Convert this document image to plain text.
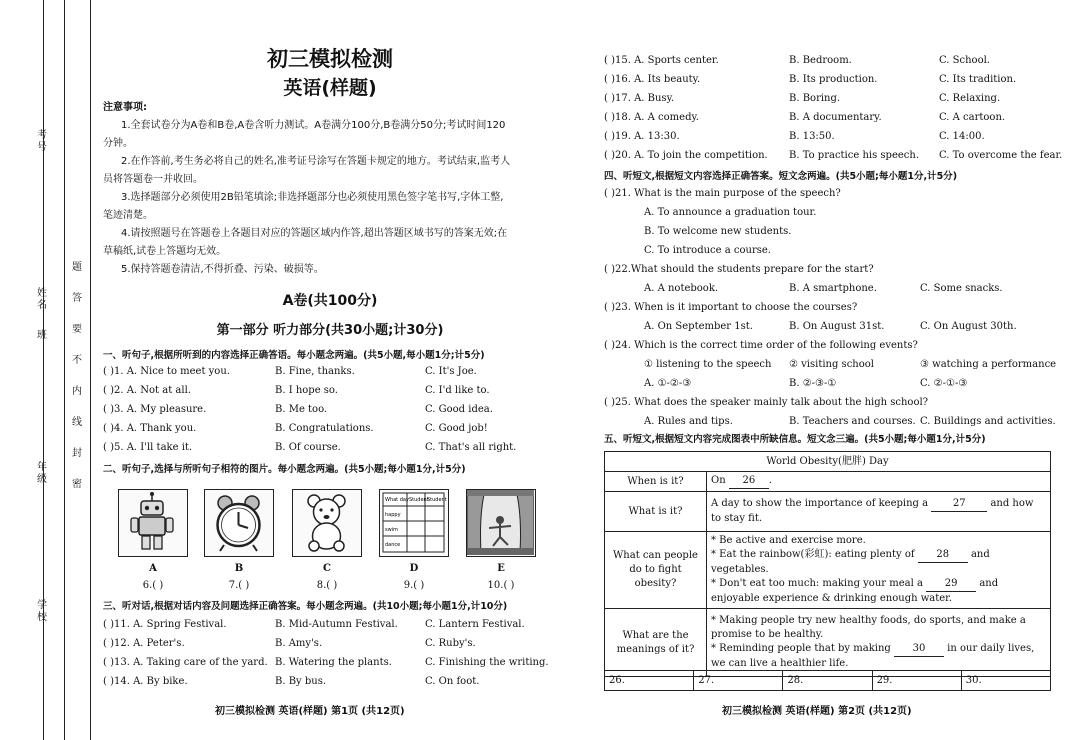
考号
姓名
班
年级
学校
题
答
要
不
内
线
封
密
初三模拟检测
英语(样题)
注意事项:
1.全套试卷分为A卷和B卷,A卷含听力测试。A卷满分100分,B卷满分50分;考试时间120
分钟。
2.在作答前,考生务必将自己的姓名,准考证号涂写在答题卡规定的地方。考试结束,监考人
员将答题卷一并收回。
3.选择题部分必须使用2B铅笔填涂;非选择题部分也必须使用黑色签字笔书写,字体工整,
笔迹清楚。
4.请按照题号在答题卷上各题目对应的答题区域内作答,超出答题区域书写的答案无效;在
草稿纸,试卷上答题均无效。
5.保持答题卷清洁,不得折叠、污染、破损等。
A卷(共100分)
第一部分 听力部分(共30小题;计30分)
一、听句子,根据所听到的内容选择正确答语。每小题念两遍。(共5小题,每小题1分;计5分)
( )1. A. Nice to meet you.	B. Fine, thanks.	C. It's Joe.
( )2. A. Not at all.	B. I hope so.	C. I'd like to.
( )3. A. My pleasure.	B. Me too.	C. Good idea.
( )4. A. Thank you.	B. Congratulations.	C. Good job!
( )5. A. I'll take it.	B. Of course.	C. That's all right.
二、听句子,选择与所听句子相符的图片。每小题念两遍。(共5小题;每小题1分,计5分)
What day Student
Student
happy
swim
dance
A	B	C	D	E
6.( )	7.( )	8.( )	9.( )	10.( )
三、听对话,根据对话内容及问题选择正确答案。每小题念两遍。(共10小题;每小题1分,计10分)
( )11. A. Spring Festival.	B. Mid-Autumn Festival.	C. Lantern Festival.
( )12. A. Peter's.	B. Amy's.	C. Ruby's.
( )13. A. Taking care of the yard. B. Watering the plants.	C. Finishing the writing.
( )14. A. By bike.	B. By bus.	C. On foot.
初三模拟检测 英语(样题) 第1页 (共12页)
( )15. A. Sports center.	B. Bedroom.	C. School.
( )16. A. Its beauty.	B. Its production.	C. Its tradition.
( )17. A. Busy.	B. Boring.	C. Relaxing.
( )18. A. A comedy.	B. A documentary.	C. A cartoon.
( )19. A. 13:30.	B. 13:50.	C. 14:00.
( )20. A. To join the competition. B. To practice his speech. C. To overcome the fear.
四、听短文,根据短文内容选择正确答案。短文念两遍。(共5小题;每小题1分,计5分)
( )21. What is the main purpose of the speech?
A. To announce a graduation tour.
B. To welcome new students.
C. To introduce a course.
( )22.What should the students prepare for the start?
A. A notebook.	B. A smartphone.	C. Some snacks.
( )23. When is it important to choose the courses?
A. On September 1st.	B. On August 31st.	C. On August 30th.
( )24. Which is the correct time order of the following events?
① listening to the speech ② visiting school	③ watching a performance
A. ①-②-③	B. ②-③-①	C. ②-①-③
( )25. What does the speaker mainly talk about the high school?
A. Rules and tips.	B. Teachers and courses. C. Buildings and activities.
五、听短文,根据短文内容完成图表中所缺信息。短文念三遍。(共5小题;每小题1分,计5分)
World Obesity(肥胖) Day	
When is it?	On 26 .
What is it?	A day to show the importance of keeping a 27 and how to stay fit.
What can people do to fight obesity?	* Be active and exercise more.
* Eat the rainbow(彩虹): eating plenty of 28 and vegetables.
* Don't eat too much: making your meal a 29 and enjoyable experience & drinking enough water.

What are the meanings of it?	* Making people try new healthy foods, do sports, and make a promise to be healthy.
* Reminding people that by making 30 in our daily lives, we can live a healthier life.
26.	27.	28.	29.	30.
初三模拟检测 英语(样题) 第2页 (共12页)
